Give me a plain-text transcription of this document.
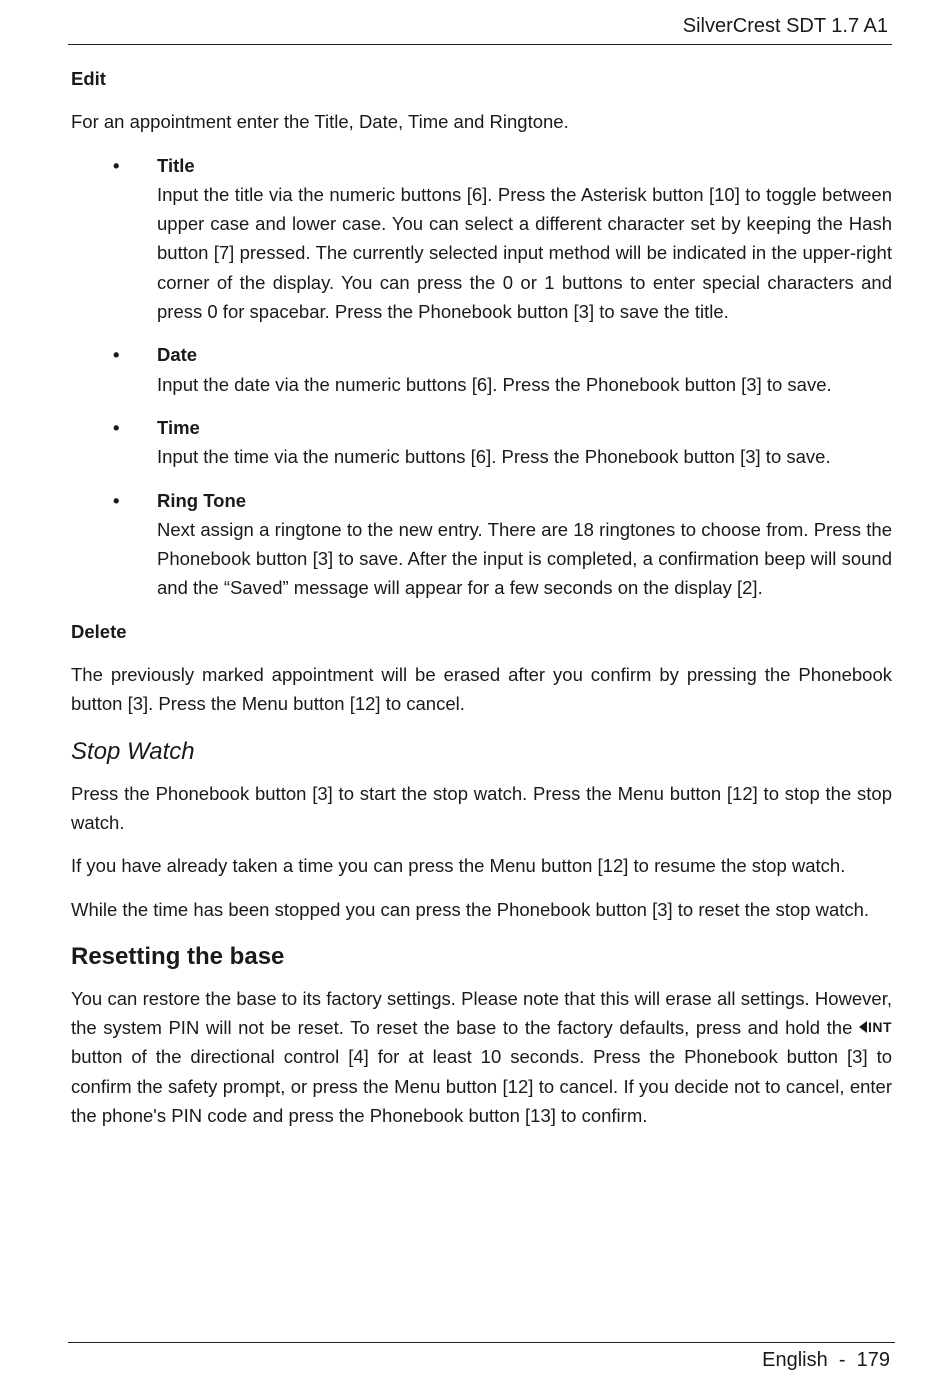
SilverCrest SDT 1.7 A1
Edit

For an appointment enter the Title, Date, Time and Ringtone.

• Title
Input the title via the numeric buttons [6]. Press the Asterisk button [10] to toggle between upper case and lower case. You can select a different character set by keeping the Hash button [7] pressed. The currently selected input method will be indicated in the upper-right corner of the display. You can press the 0 or 1 buttons to enter special characters and press 0 for spacebar. Press the Phonebook button [3] to save the title.
• Date
Input the date via the numeric buttons [6]. Press the Phonebook button [3] to save.
• Time
Input the time via the numeric buttons [6]. Press the Phonebook button [3] to save.
• Ring Tone
Next assign a ringtone to the new entry. There are 18 ringtones to choose from. Press the Phonebook button [3] to save. After the input is completed, a confirmation beep will sound and the “Saved” message will appear for a few seconds on the display [2].
Delete

The previously marked appointment will be erased after you confirm by pressing the Phonebook button [3]. Press the Menu button [12] to cancel.

Stop Watch

Press the Phonebook button [3] to start the stop watch. Press the Menu button [12] to stop the stop watch.

If you have already taken a time you can press the Menu button [12] to resume the stop watch.

While the time has been stopped you can press the Phonebook button [3] to reset the stop watch.

Resetting the base

You can restore the base to its factory settings. Please note that this will erase all settings. However, the system PIN will not be reset. To reset the base to the factory defaults, press and hold the INT button of the directional control [4] for at least 10 seconds. Press the Phonebook button [3] to confirm the safety prompt, or press the Menu button [12] to cancel. If you decide not to cancel, enter the phone's PIN code and press the Phonebook button [13] to confirm.

English  -  179
